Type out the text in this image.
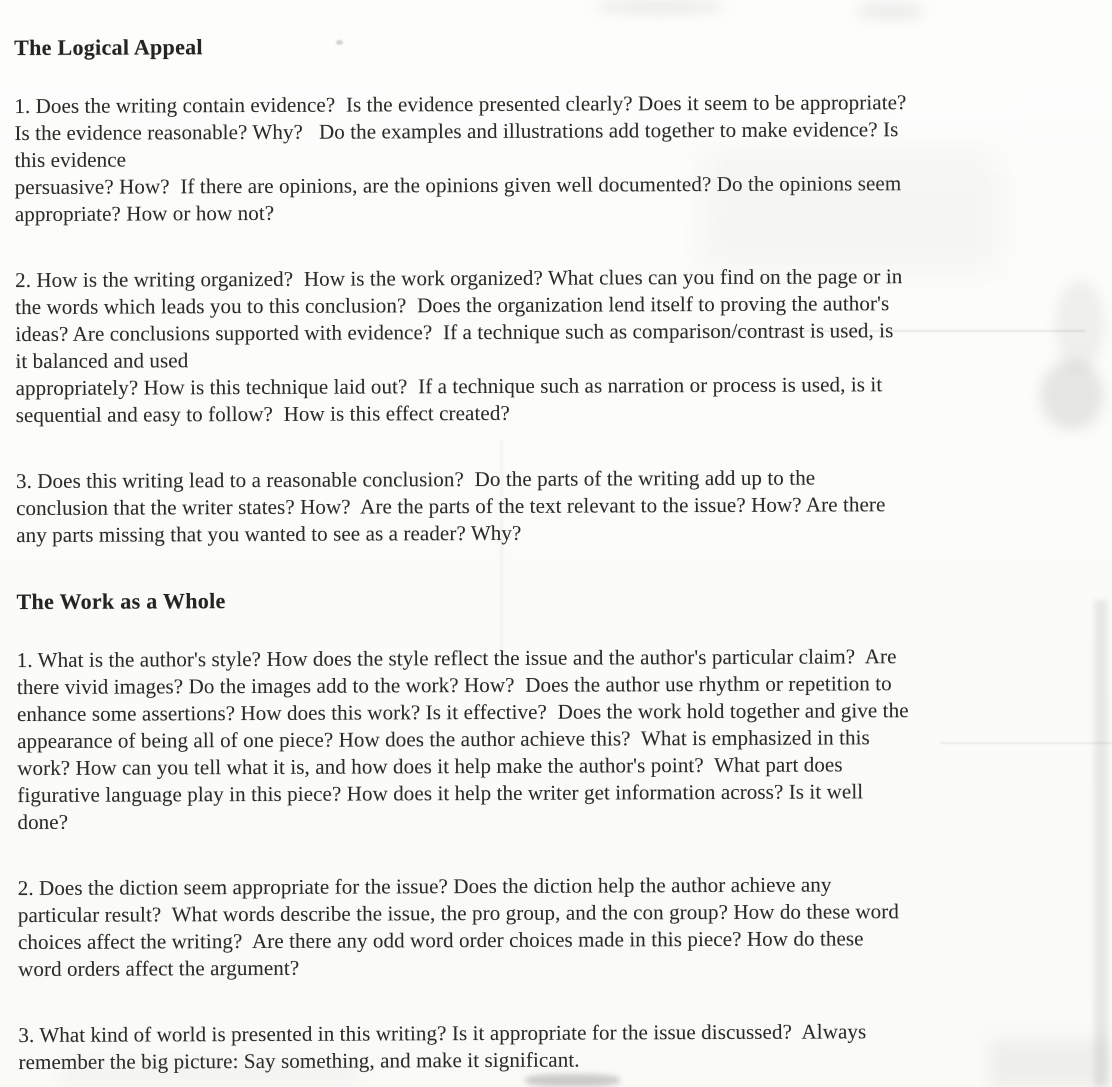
The Logical Appeal
1. Does the writing contain evidence?  Is the evidence presented clearly? Does it seem to be appropriate?
Is the evidence reasonable? Why?   Do the examples and illustrations add together to make evidence? Is
this evidence
persuasive? How?  If there are opinions, are the opinions given well documented? Do the opinions seem
appropriate? How or how not?
2. How is the writing organized?  How is the work organized? What clues can you find on the page or in
the words which leads you to this conclusion?  Does the organization lend itself to proving the author's
ideas? Are conclusions supported with evidence?  If a technique such as comparison/contrast is used, is
it balanced and used
appropriately? How is this technique laid out?  If a technique such as narration or process is used, is it
sequential and easy to follow?  How is this effect created?
3. Does this writing lead to a reasonable conclusion?  Do the parts of the writing add up to the
conclusion that the writer states? How?  Are the parts of the text relevant to the issue? How? Are there
any parts missing that you wanted to see as a reader? Why?
The Work as a Whole
1. What is the author's style? How does the style reflect the issue and the author's particular claim?  Are
there vivid images? Do the images add to the work? How?  Does the author use rhythm or repetition to
enhance some assertions? How does this work? Is it effective?  Does the work hold together and give the
appearance of being all of one piece? How does the author achieve this?  What is emphasized in this
work? How can you tell what it is, and how does it help make the author's point?  What part does
figurative language play in this piece? How does it help the writer get information across? Is it well
done?
2. Does the diction seem appropriate for the issue? Does the diction help the author achieve any
particular result?  What words describe the issue, the pro group, and the con group? How do these word
choices affect the writing?  Are there any odd word order choices made in this piece? How do these
word orders affect the argument?
3. What kind of world is presented in this writing? Is it appropriate for the issue discussed?  Always
remember the big picture: Say something, and make it significant.
